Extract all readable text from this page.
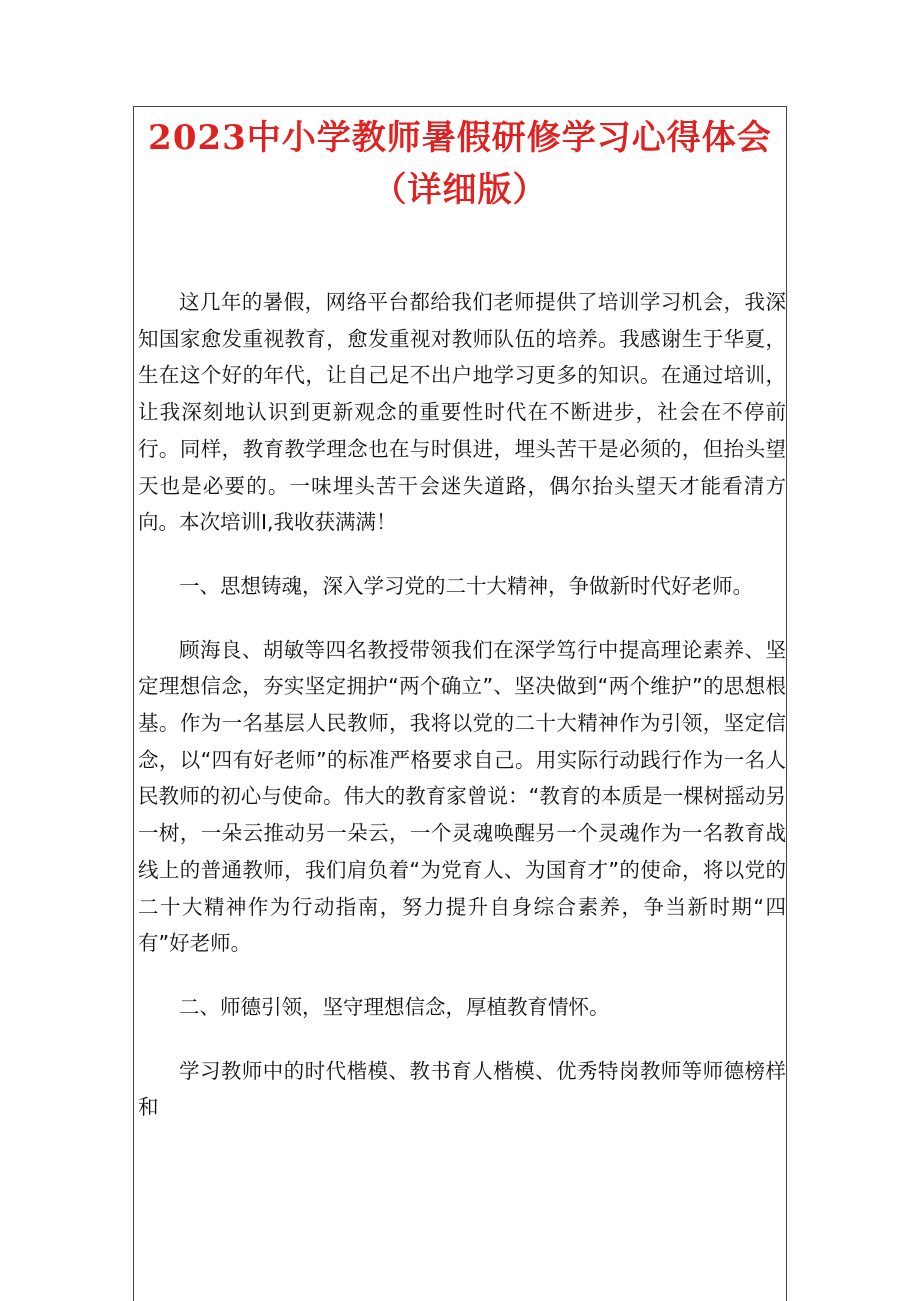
2023中小学教师暑假研修学习心得体会
（详细版）

这几年的暑假，网络平台都给我们老师提供了培训学习机会，我深知国家愈发重视教育，愈发重视对教师队伍的培养。我感谢生于华夏，生在这个好的年代，让自己足不出户地学习更多的知识。在通过培训，让我深刻地认识到更新观念的重要性时代在不断进步，社会在不停前行。同样，教育教学理念也在与时俱进，埋头苦干是必须的，但抬头望天也是必要的。一味埋头苦干会迷失道路，偶尔抬头望天才能看清方向。本次培训I,我收获满满！

一、思想铸魂，深入学习党的二十大精神，争做新时代好老师。

顾海良、胡敏等四名教授带领我们在深学笃行中提高理论素养、坚定理想信念，夯实坚定拥护“两个确立”、坚决做到“两个维护”的思想根基。作为一名基层人民教师，我将以党的二十大精神作为引领，坚定信念，以“四有好老师”的标准严格要求自己。用实际行动践行作为一名人民教师的初心与使命。伟大的教育家曾说：“教育的本质是一棵树摇动另一树，一朵云推动另一朵云，一个灵魂唤醒另一个灵魂作为一名教育战线上的普通教师，我们肩负着“为党育人、为国育才”的使命，将以党的二十大精神作为行动指南，努力提升自身综合素养，争当新时期“四有”好老师。

二、师德引领，坚守理想信念，厚植教育情怀。

学习教师中的时代楷模、教书育人楷模、优秀特岗教师等师德榜样和
